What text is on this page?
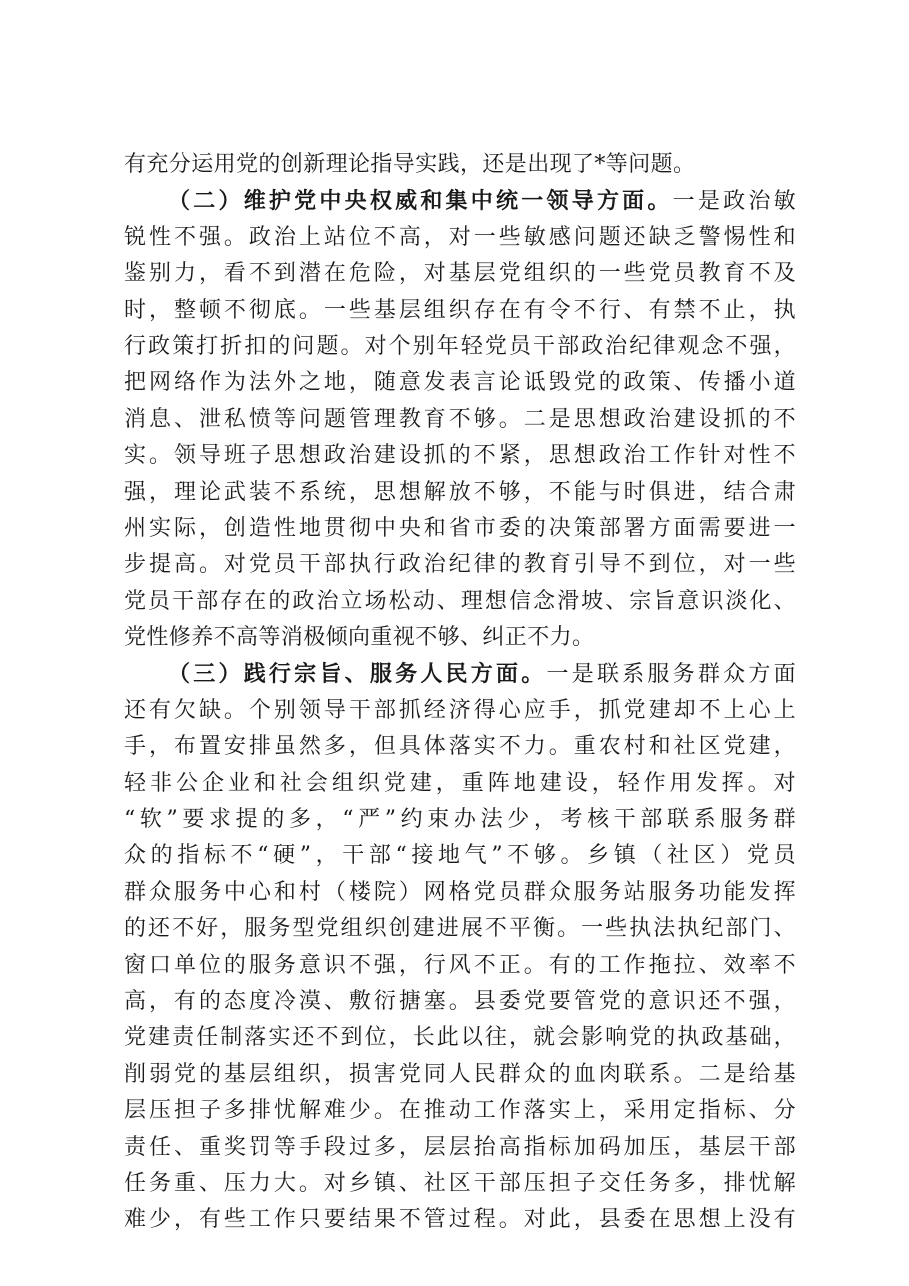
有充分运用党的创新理论指导实践，还是出现了*等问题。
（二）维护党中央权威和集中统一领导方面。一是政治敏
锐性不强。政治上站位不高，对一些敏感问题还缺乏警惕性和
鉴别力，看不到潜在危险，对基层党组织的一些党员教育不及
时，整顿不彻底。一些基层组织存在有令不行、有禁不止，执
行政策打折扣的问题。对个别年轻党员干部政治纪律观念不强，
把网络作为法外之地，随意发表言论诋毁党的政策、传播小道
消息、泄私愤等问题管理教育不够。二是思想政治建设抓的不
实。领导班子思想政治建设抓的不紧，思想政治工作针对性不
强，理论武装不系统，思想解放不够，不能与时俱进，结合肃
州实际，创造性地贯彻中央和省市委的决策部署方面需要进一
步提高。对党员干部执行政治纪律的教育引导不到位，对一些
党员干部存在的政治立场松动、理想信念滑坡、宗旨意识淡化、
党性修养不高等消极倾向重视不够、纠正不力。
（三）践行宗旨、服务人民方面。一是联系服务群众方面
还有欠缺。个别领导干部抓经济得心应手，抓党建却不上心上
手，布置安排虽然多，但具体落实不力。重农村和社区党建，
轻非公企业和社会组织党建，重阵地建设，轻作用发挥。对
“软”要求提的多，“严”约束办法少，考核干部联系服务群
众的指标不“硬”，干部“接地气”不够。乡镇（社区）党员
群众服务中心和村（楼院）网格党员群众服务站服务功能发挥
的还不好，服务型党组织创建进展不平衡。一些执法执纪部门、
窗口单位的服务意识不强，行风不正。有的工作拖拉、效率不
高，有的态度冷漠、敷衍搪塞。县委党要管党的意识还不强，
党建责任制落实还不到位，长此以往，就会影响党的执政基础，
削弱党的基层组织，损害党同人民群众的血肉联系。二是给基
层压担子多排忧解难少。在推动工作落实上，采用定指标、分
责任、重奖罚等手段过多，层层抬高指标加码加压，基层干部
任务重、压力大。对乡镇、社区干部压担子交任务多，排忧解
难少，有些工作只要结果不管过程。对此，县委在思想上没有
